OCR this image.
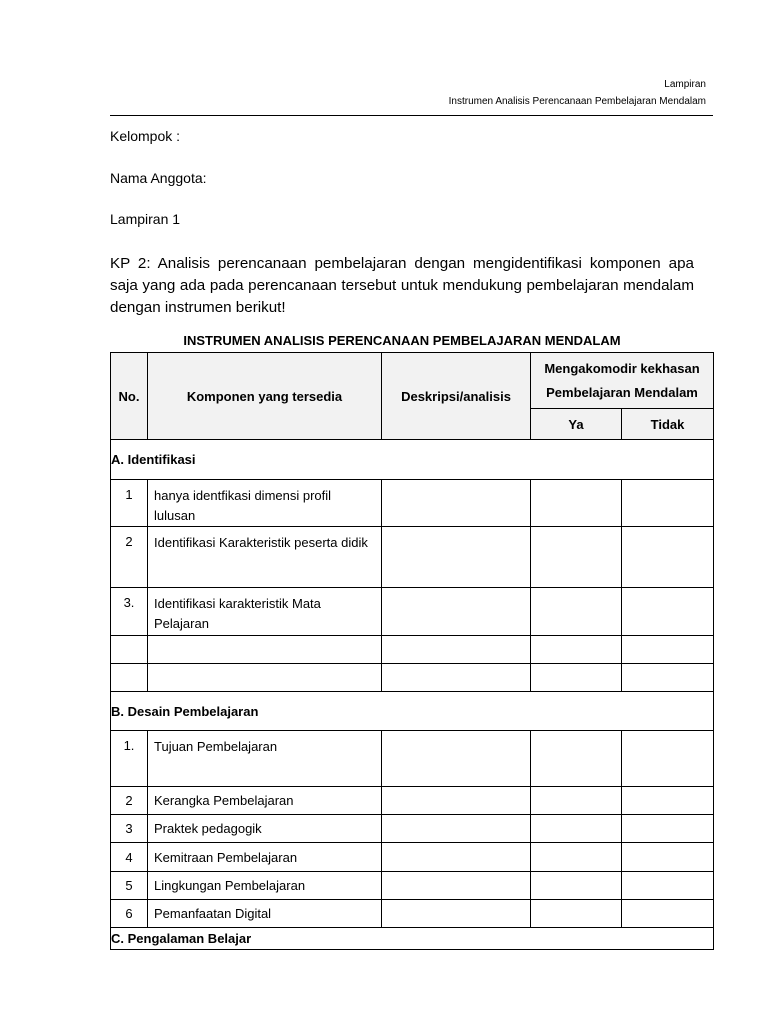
Lampiran
Instrumen Analisis Perencanaan Pembelajaran Mendalam
Kelompok :
Nama Anggota:
Lampiran 1
KP 2: Analisis perencanaan pembelajaran dengan mengidentifikasi komponen apa saja yang ada pada perencanaan tersebut untuk mendukung pembelajaran mendalam dengan instrumen berikut!
INSTRUMEN ANALISIS PERENCANAAN PEMBELAJARAN MENDALAM
No.	Komponen yang tersedia	Deskripsi/analisis	Mengakomodir kekhasan
Pembelajaran Mendalam	

			Ya	Tidak
A. Identifikasi				
1	hanya identfikasi dimensi profil lulusan			
2	Identifikasi Karakteristik peserta didik			
3.	Identifikasi karakteristik Mata Pelajaran			

B. Desain Pembelajaran				
1.	Tujuan Pembelajaran			
2	Kerangka Pembelajaran			
3	Praktek pedagogik			
4	Kemitraan Pembelajaran			
5	Lingkungan Pembelajaran			
6	Pemanfaatan Digital			
C. Pengalaman Belajar				
